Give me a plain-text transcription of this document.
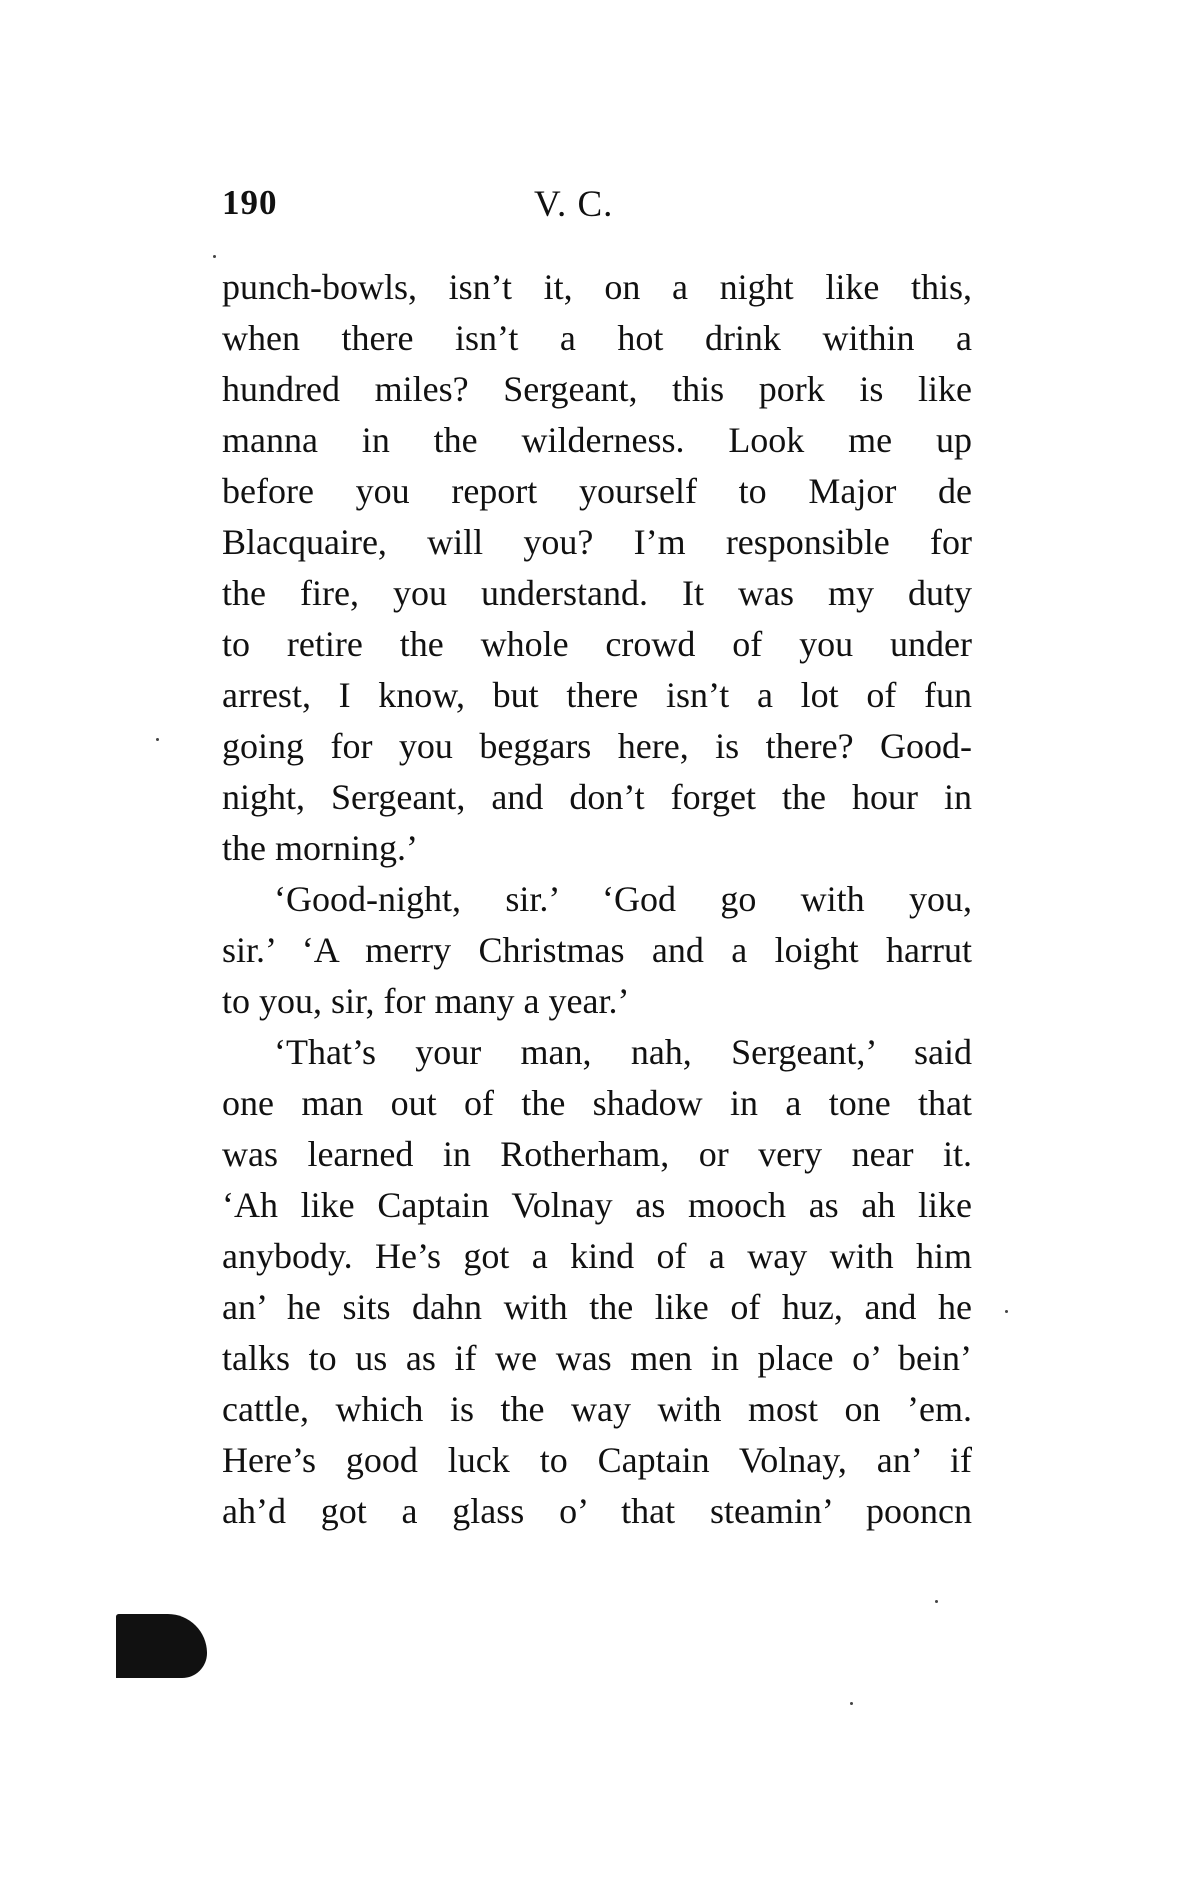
190	V. C.
punch-bowls, isn’t it, on a night like this,
when there isn’t a hot drink within a
hundred miles? Sergeant, this pork is like
manna in the wilderness. Look me up
before you report yourself to Major de
Blacquaire, will you? I’m responsible for
the fire, you understand. It was my duty
to retire the whole crowd of you under
arrest, I know, but there isn’t a lot of fun
going for you beggars here, is there? Good-
night, Sergeant, and don’t forget the hour in
the morning.’
‘Good-night, sir.’ ‘God go with you,
sir.’ ‘A merry Christmas and a loight harrut
to you, sir, for many a year.’
‘That’s your man, nah, Sergeant,’ said
one man out of the shadow in a tone that
was learned in Rotherham, or very near it.
‘Ah like Captain Volnay as mooch as ah like
anybody. He’s got a kind of a way with him
an’ he sits dahn with the like of huz, and he
talks to us as if we was men in place o’ bein’
cattle, which is the way with most on ’em.
Here’s good luck to Captain Volnay, an’ if
ah’d got a glass o’ that steamin’ pooncn
